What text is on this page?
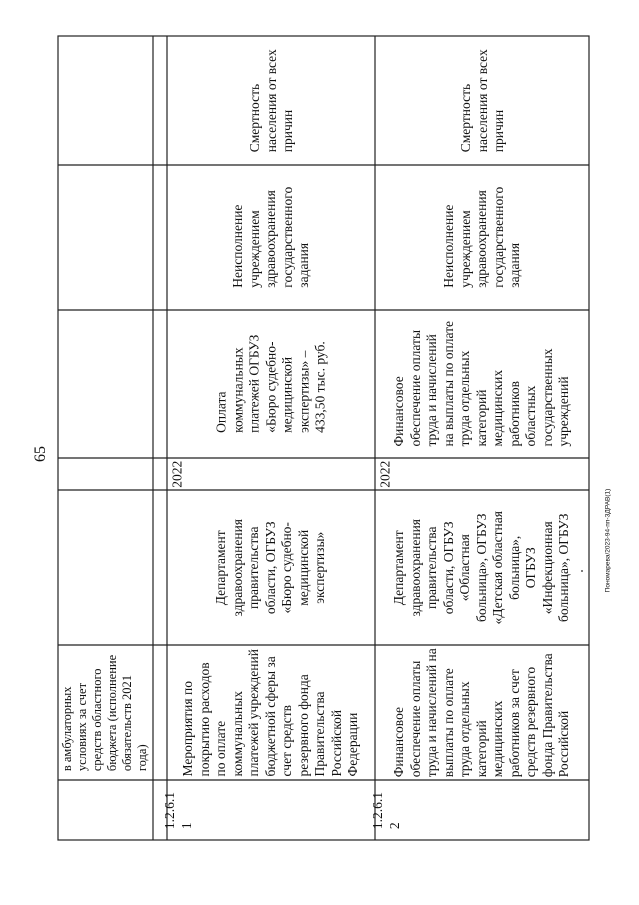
65
Пономарева/2023-94-пп-ЗДРАВ(1)
в амбулаторных
условиях за счет
средств областного
бюджета (исполнение
обязательств 2021
года)
1.2.6.1
1
Мероприятия по
покрытию расходов
по оплате
коммунальных
платежей учреждений
бюджетной сферы за
счет средств
резервного фонда
Правительства
Российской
Федерации
Департамент
здравоохранения
правительства
области, ОГБУЗ
«Бюро судебно-
медицинской
экспертизы»
2022
Оплата
коммунальных
платежей ОГБУЗ
«Бюро судебно-
медицинской
экспертизы» –
433,50 тыс. руб.
Неисполнение
учреждением
здравоохранения
государственного
задания
Смертность
населения от всех
причин
1.2.6.1
2
Финансовое
обеспечение оплаты
труда и начислений на
выплаты по оплате
труда отдельных
категорий
медицинских
работников за счет
средств резервного
фонда Правительства
Российской
Департамент
здравоохранения
правительства
области, ОГБУЗ
«Областная
больница», ОГБУЗ
«Детская областная
больница»,
ОГБУЗ
«Инфекционная
больница», ОГБУЗ
2022
Финансовое
обеспечение оплаты
труда и начислений
на выплаты по оплате
труда отдельных
категорий
медицинских
работников
областных
государственных
учреждений
Неисполнение
учреждением
здравоохранения
государственного
задания
Смертность
населения от всех
причин
